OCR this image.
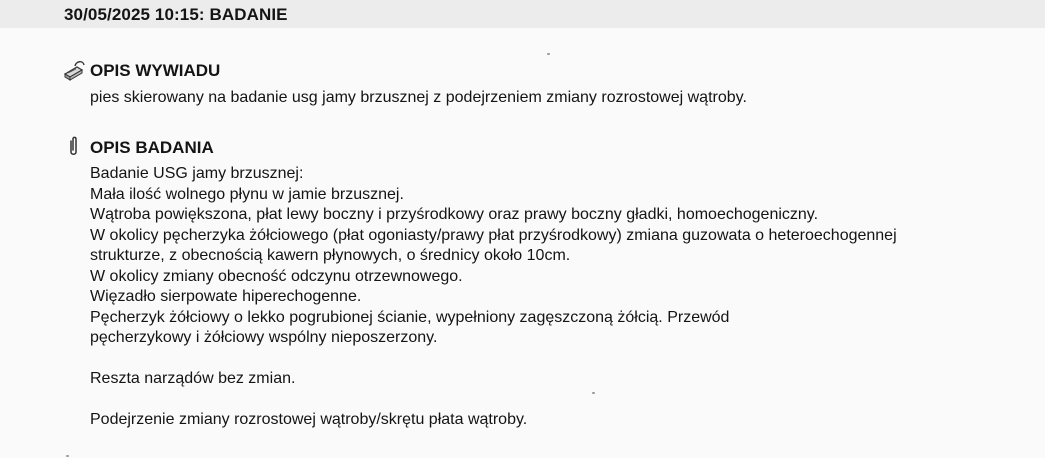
30/05/2025 10:15: BADANIE
OPIS WYWIADU
pies skierowany na badanie usg jamy brzusznej z podejrzeniem zmiany rozrostowej wątroby.
OPIS BADANIA
Badanie USG jamy brzusznej:
Mała ilość wolnego płynu w jamie brzusznej.
Wątroba powiększona, płat lewy boczny i przyśrodkowy oraz prawy boczny gładki, homoechogeniczny.
W okolicy pęcherzyka żółciowego (płat ogoniasty/prawy płat przyśrodkowy) zmiana guzowata o heteroechogennej
strukturze, z obecnością kawern płynowych, o średnicy około 10cm.
W okolicy zmiany obecność odczynu otrzewnowego.
Więzadło sierpowate hiperechogenne.
Pęcherzyk żółciowy o lekko pogrubionej ścianie, wypełniony zagęszczoną żółcią. Przewód
pęcherzykowy i żółciowy wspólny nieposzerzony.
Reszta narządów bez zmian.
Podejrzenie zmiany rozrostowej wątroby/skrętu płata wątroby.
